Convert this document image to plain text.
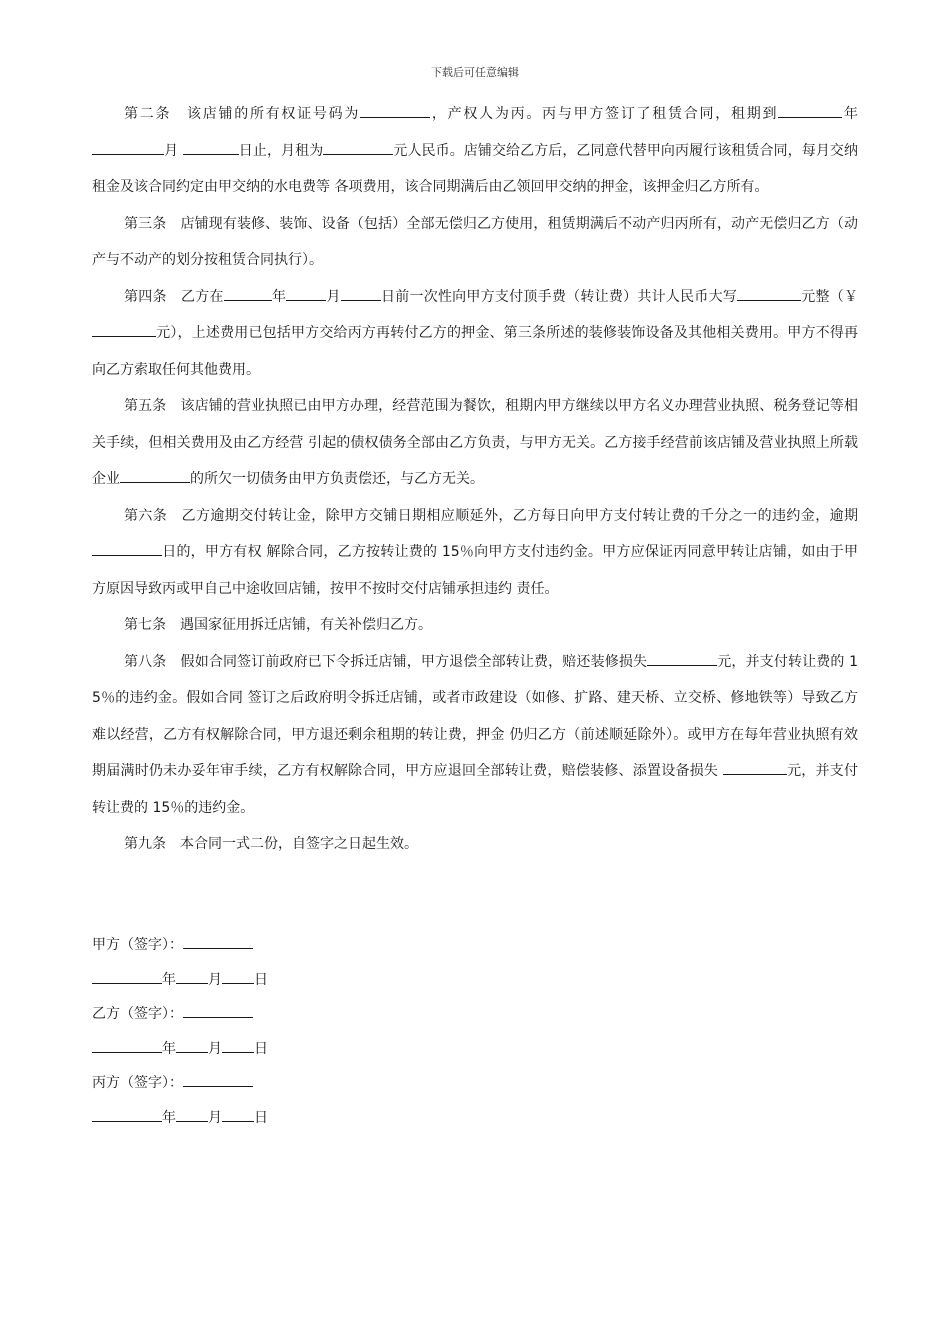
下载后可任意编辑

第二条　该店铺的所有权证号码为	，产权人为丙。丙与甲方签订了租赁合同，租期到	年月	日止，月租为	元人民币。店铺交给乙方后，乙同意代替甲向丙履行该租赁合同，每月交纳租金及该合同约定由甲交纳的水电费等 各项费用，该合同期满后由乙领回甲交纳的押金，该押金归乙方所有。

第三条　店铺现有装修、装饰、设备（包括）全部无偿归乙方使用，租赁期满后不动产归丙所有，动产无偿归乙方（动产与不动产的划分按租赁合同执行）。

第四条　乙方在	年	月	日前一次性向甲方支付顶手费（转让费）共计人民币大写	元整（￥ 元），上述费用已包括甲方交给丙方再转付乙方的押金、第三条所述的装修装饰设备及其他相关费用。甲方不得再向乙方索取任何其他费用。

第五条　该店铺的营业执照已由甲方办理，经营范围为餐饮，租期内甲方继续以甲方名义办理营业执照、税务登记等相关手续，但相关费用及由乙方经营 引起的债权债务全部由乙方负责，与甲方无关。乙方接手经营前该店铺及营业执照上所载企业	的所欠一切债务由甲方负责偿还，与乙方无关。

第六条　乙方逾期交付转让金，除甲方交铺日期相应顺延外，乙方每日向甲方支付转让费的千分之一的违约金，逾期日的，甲方有权 解除合同，乙方按转让费的 15％向甲方支付违约金。甲方应保证丙同意甲转让店铺，如由于甲方原因导致丙或甲自己中途收回店铺，按甲不按时交付店铺承担违约 责任。

第七条　遇国家征用拆迁店铺，有关补偿归乙方。

第八条　假如合同签订前政府已下令拆迁店铺，甲方退偿全部转让费，赔还装修损失	元，并支付转让费的 15％的违约金。假如合同 签订之后政府明令拆迁店铺，或者市政建设（如修、扩路、建天桥、立交桥、修地铁等）导致乙方难以经营，乙方有权解除合同，甲方退还剩余租期的转让费，押金 仍归乙方（前述顺延除外）。或甲方在每年营业执照有效期届满时仍未办妥年审手续，乙方有权解除合同，甲方应退回全部转让费，赔偿装修、添置设备损失	元，并支付转让费的 15％的违约金。

第九条　本合同一式二份，自签字之日起生效。

甲方（签字）：
年 月 日
乙方（签字）：
年 月 日
丙方（签字）：
年 月 日
